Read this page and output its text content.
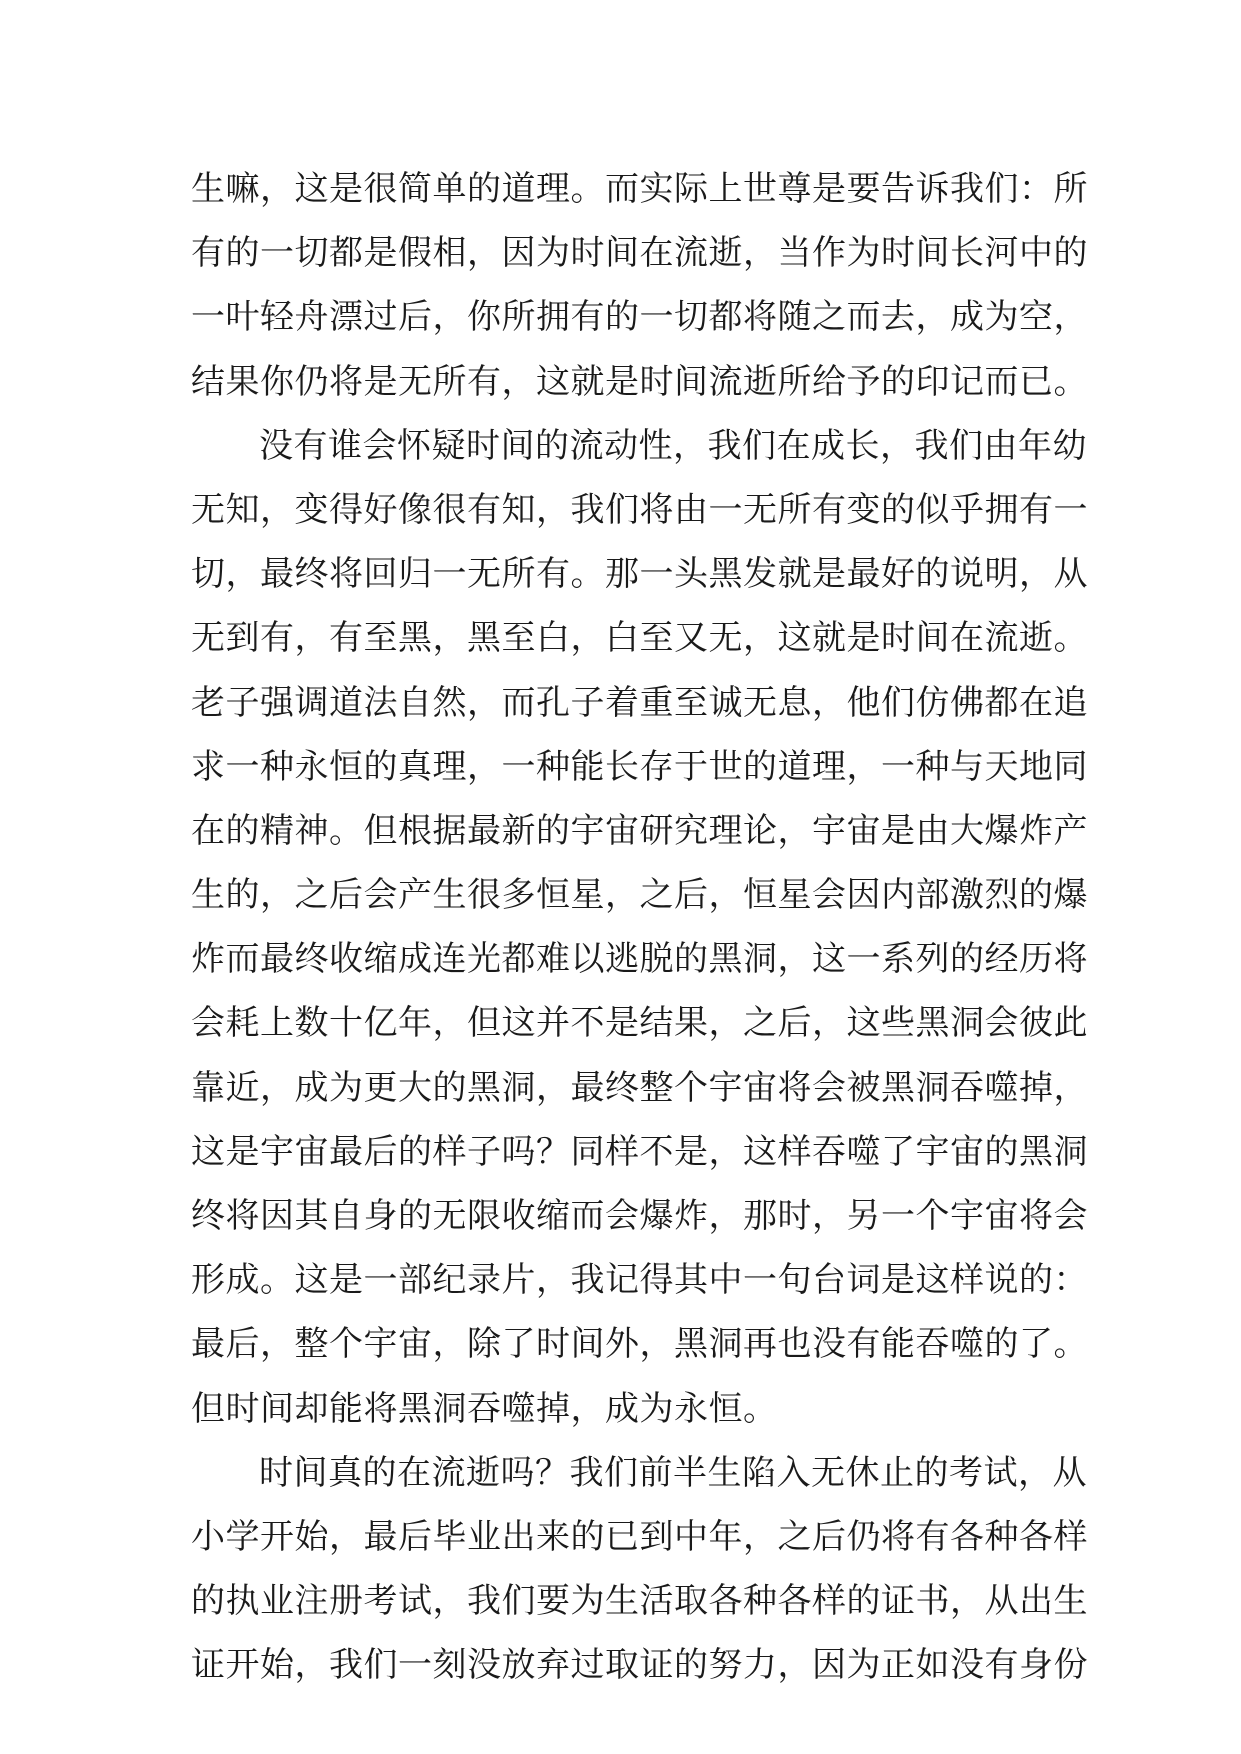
生嘛，这是很简单的道理。而实际上世尊是要告诉我们：所
有的一切都是假相，因为时间在流逝，当作为时间长河中的
一叶轻舟漂过后，你所拥有的一切都将随之而去，成为空，
结果你仍将是无所有，这就是时间流逝所给予的印记而已。
没有谁会怀疑时间的流动性，我们在成长，我们由年幼
无知，变得好像很有知，我们将由一无所有变的似乎拥有一
切，最终将回归一无所有。那一头黑发就是最好的说明，从
无到有，有至黑，黑至白，白至又无，这就是时间在流逝。
老子强调道法自然，而孔子着重至诚无息，他们仿佛都在追
求一种永恒的真理，一种能长存于世的道理，一种与天地同
在的精神。但根据最新的宇宙研究理论，宇宙是由大爆炸产
生的，之后会产生很多恒星，之后，恒星会因内部激烈的爆
炸而最终收缩成连光都难以逃脱的黑洞，这一系列的经历将
会耗上数十亿年，但这并不是结果，之后，这些黑洞会彼此
靠近，成为更大的黑洞，最终整个宇宙将会被黑洞吞噬掉，
这是宇宙最后的样子吗？同样不是，这样吞噬了宇宙的黑洞
终将因其自身的无限收缩而会爆炸，那时，另一个宇宙将会
形成。这是一部纪录片，我记得其中一句台词是这样说的：
最后，整个宇宙，除了时间外，黑洞再也没有能吞噬的了。
但时间却能将黑洞吞噬掉，成为永恒。
时间真的在流逝吗？我们前半生陷入无休止的考试，从
小学开始，最后毕业出来的已到中年，之后仍将有各种各样
的执业注册考试，我们要为生活取各种各样的证书，从出生
证开始，我们一刻没放弃过取证的努力，因为正如没有身份
